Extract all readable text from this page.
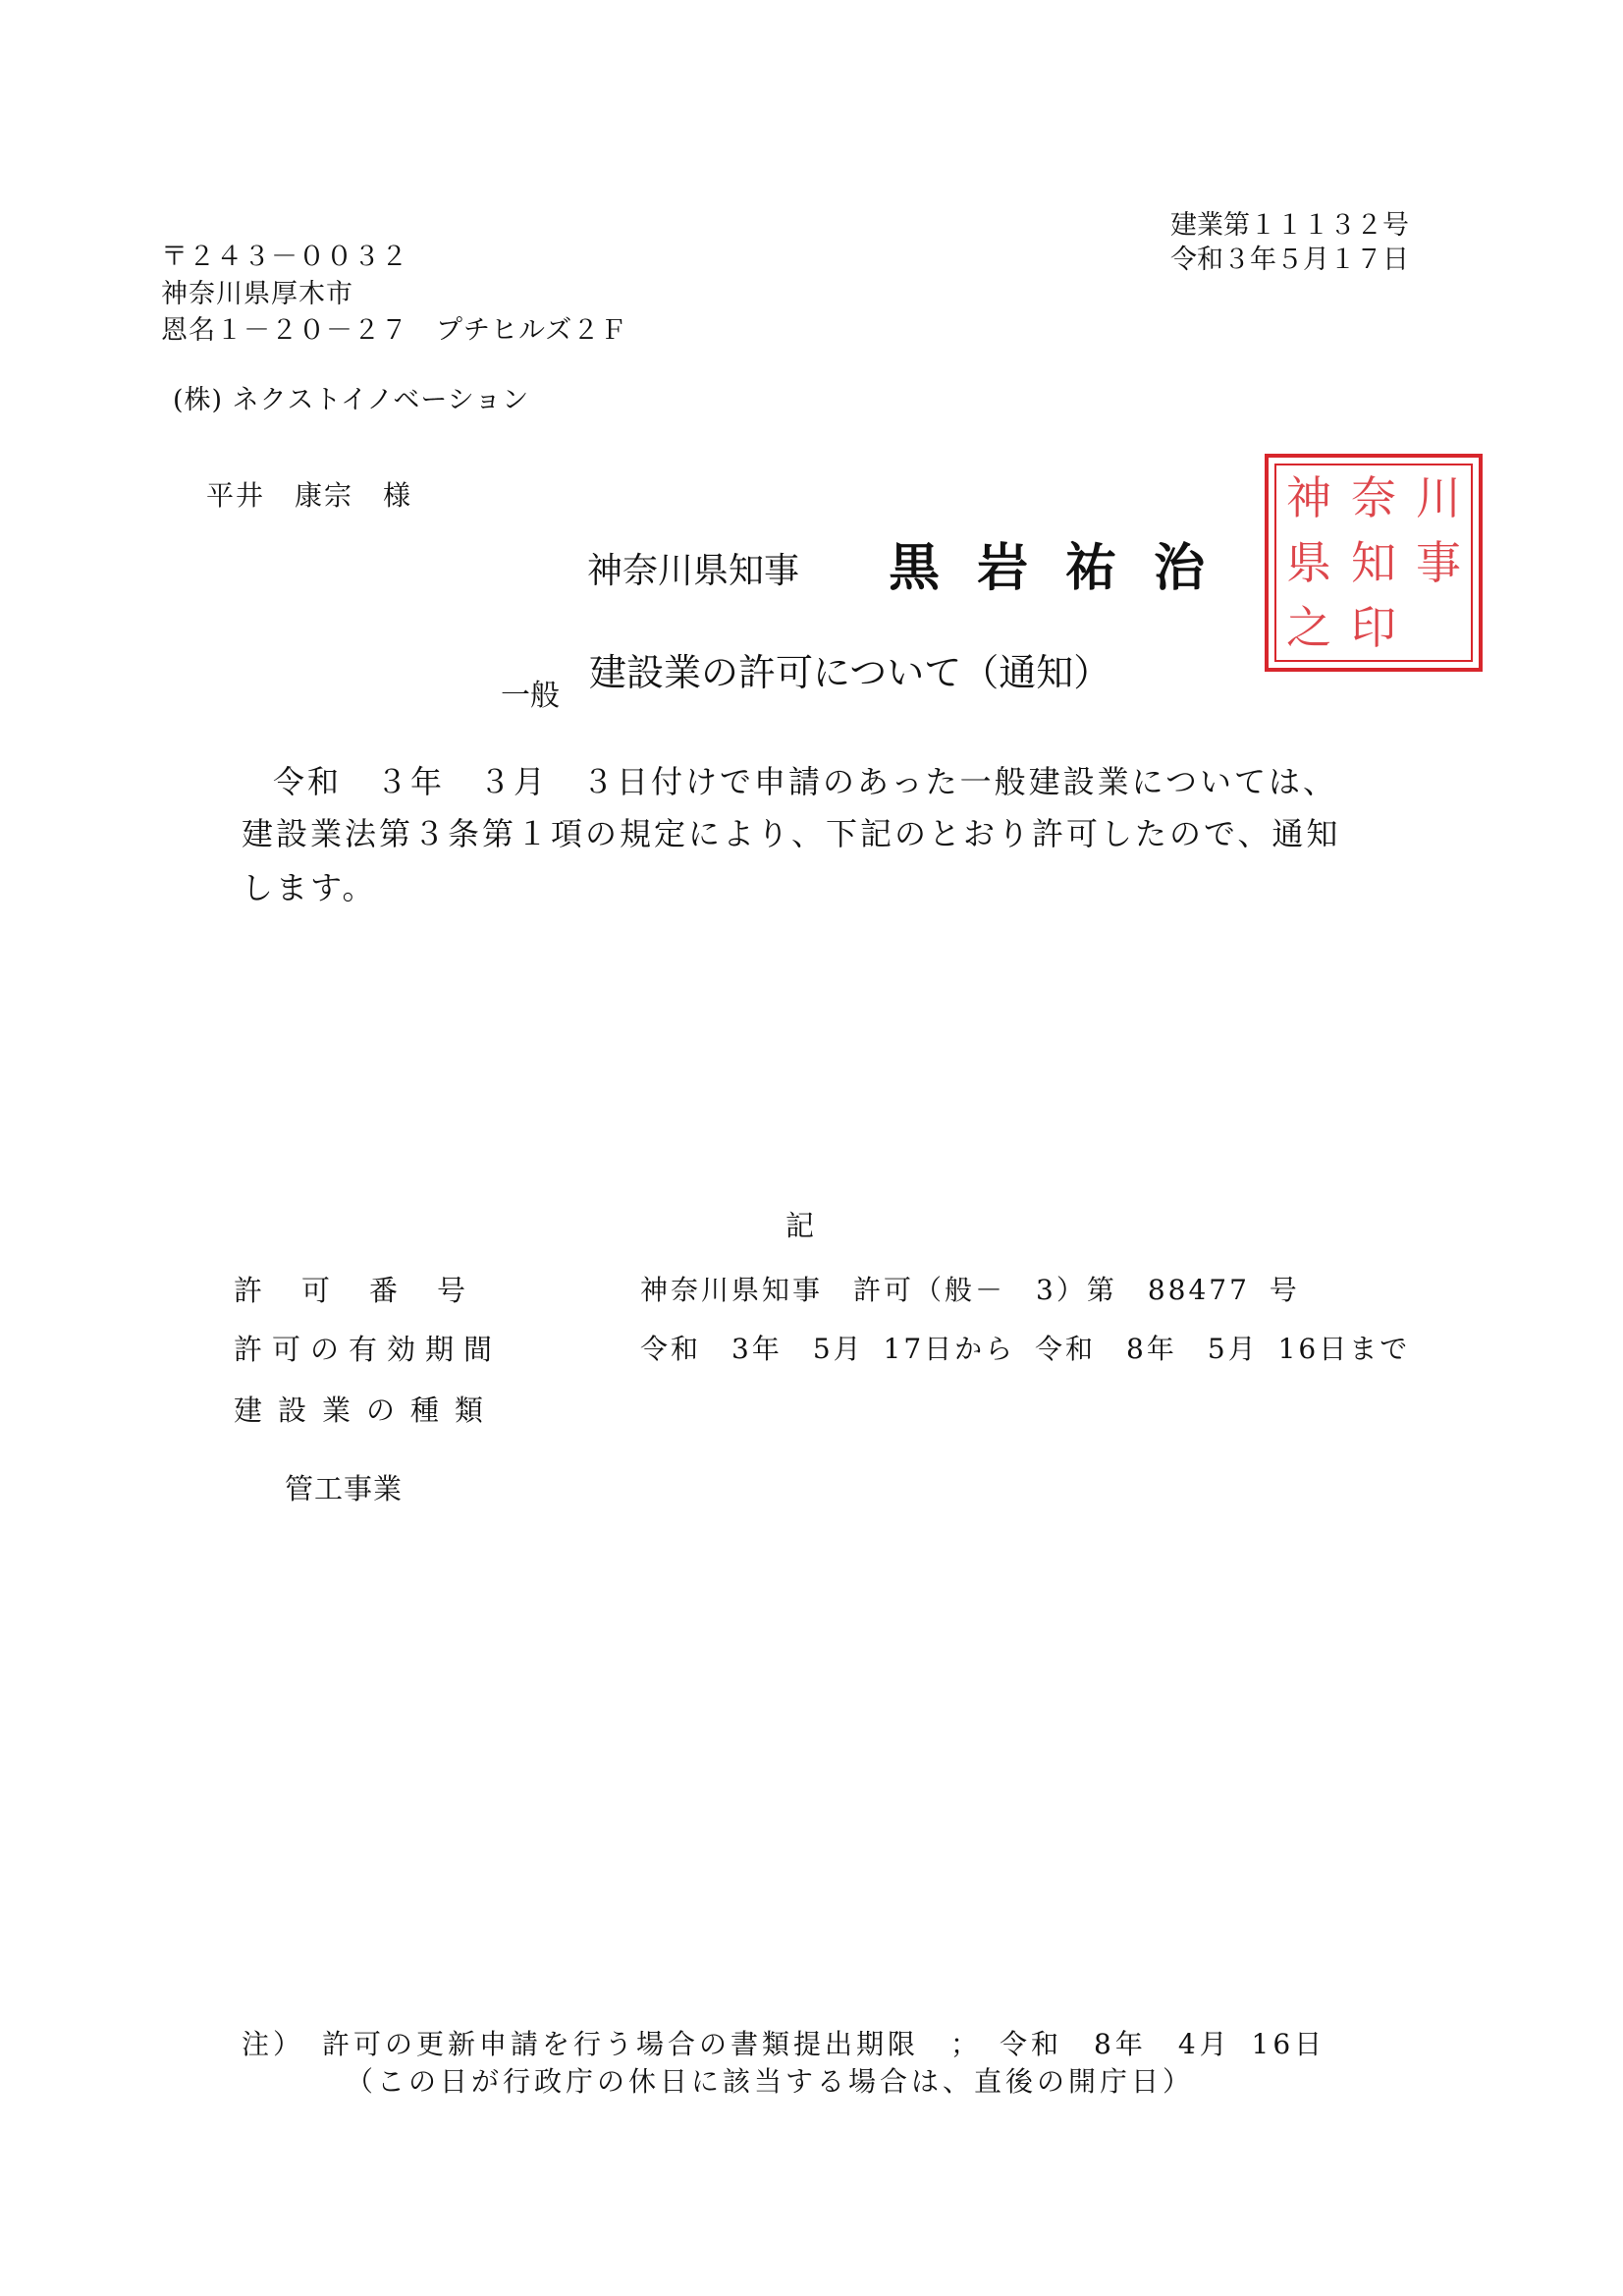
〒２４３－００３２
神奈川県厚木市
恩名１－２０－２７　プチヒルズ２Ｆ
建業第１１１３２号
令和３年５月１７日
(株) ネクストイノベーション
平井　康宗　様
神奈川県知事 黒岩祐治
神 奈 川
県 知 事
之 印
一般
建設業の許可について（通知）
令和　３年　３月　３日付けで申請のあった一般建設業については、
建設業法第３条第１項の規定により、下記のとおり許可したので、通知
します。
記
許可番号	神奈川県知事　許可（般－　3）第　88477 号
許可の有効期間	令和　3年　5月 17日から 令和　8年　5月 16日まで
建設業の種類
管工事業
注）　許可の更新申請を行う場合の書類提出期限　；　令和　8年　4月 16日
（この日が行政庁の休日に該当する場合は、直後の開庁日）
